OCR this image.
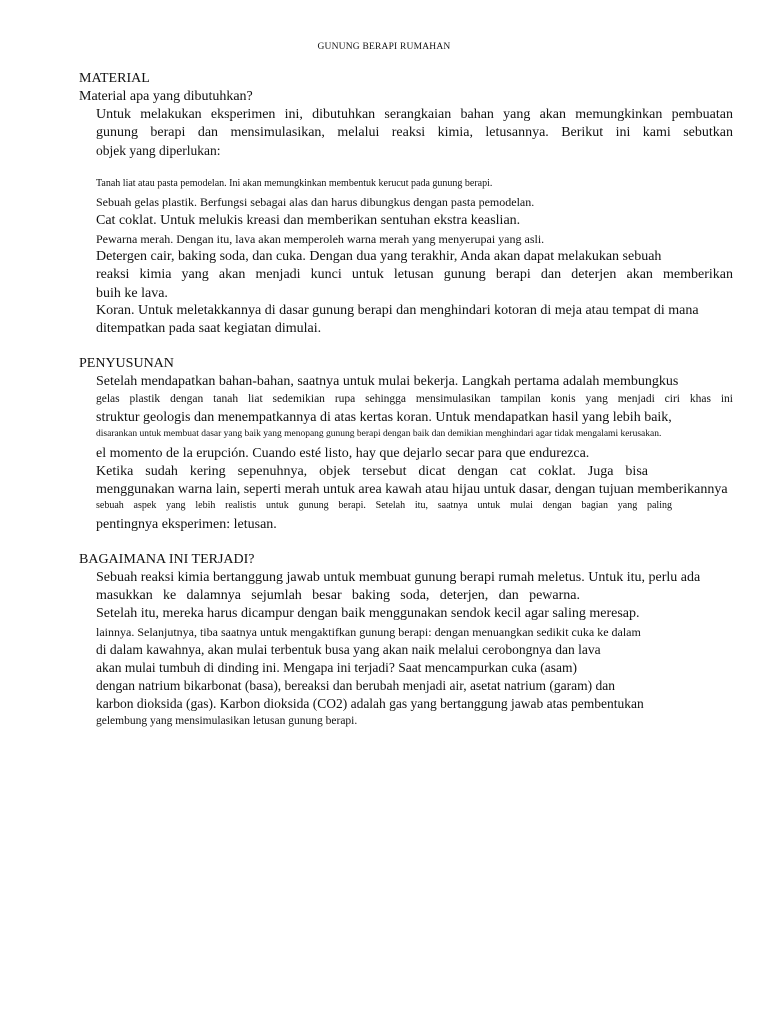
GUNUNG BERAPI RUMAHAN
MATERIAL
Material apa yang dibutuhkan?
Untuk melakukan eksperimen ini, dibutuhkan serangkaian bahan yang akan memungkinkan pembuatan
gunung berapi dan mensimulasikan, melalui reaksi kimia, letusannya. Berikut ini kami sebutkan
objek yang diperlukan:
Tanah liat atau pasta pemodelan. Ini akan memungkinkan membentuk kerucut pada gunung berapi.
Sebuah gelas plastik. Berfungsi sebagai alas dan harus dibungkus dengan pasta pemodelan.
Cat coklat. Untuk melukis kreasi dan memberikan sentuhan ekstra keaslian.
Pewarna merah. Dengan itu, lava akan memperoleh warna merah yang menyerupai yang asli.
Detergen cair, baking soda, dan cuka. Dengan dua yang terakhir, Anda akan dapat melakukan sebuah
reaksi kimia yang akan menjadi kunci untuk letusan gunung berapi dan deterjen akan memberikan
buih ke lava.
Koran. Untuk meletakkannya di dasar gunung berapi dan menghindari kotoran di meja atau tempat di mana
ditempatkan pada saat kegiatan dimulai.
PENYUSUNAN
Setelah mendapatkan bahan-bahan, saatnya untuk mulai bekerja. Langkah pertama adalah membungkus
gelas plastik dengan tanah liat sedemikian rupa sehingga mensimulasikan tampilan konis yang menjadi ciri khas ini
struktur geologis dan menempatkannya di atas kertas koran. Untuk mendapatkan hasil yang lebih baik,
disarankan untuk membuat dasar yang baik yang menopang gunung berapi dengan baik dan demikian menghindari agar tidak mengalami kerusakan.
el momento de la erupción. Cuando esté listo, hay que dejarlo secar para que endurezca.
Ketika sudah kering sepenuhnya, objek tersebut dicat dengan cat coklat. Juga bisa
menggunakan warna lain, seperti merah untuk area kawah atau hijau untuk dasar, dengan tujuan memberikannya
sebuah aspek yang lebih realistis untuk gunung berapi. Setelah itu, saatnya untuk mulai dengan bagian yang paling
pentingnya eksperimen: letusan.
BAGAIMANA INI TERJADI?
Sebuah reaksi kimia bertanggung jawab untuk membuat gunung berapi rumah meletus. Untuk itu, perlu ada
masukkan ke dalamnya sejumlah besar baking soda, deterjen, dan pewarna.
Setelah itu, mereka harus dicampur dengan baik menggunakan sendok kecil agar saling meresap.
lainnya. Selanjutnya, tiba saatnya untuk mengaktifkan gunung berapi: dengan menuangkan sedikit cuka ke dalam
di dalam kawahnya, akan mulai terbentuk busa yang akan naik melalui cerobongnya dan lava
akan mulai tumbuh di dinding ini. Mengapa ini terjadi? Saat mencampurkan cuka (asam)
dengan natrium bikarbonat (basa), bereaksi dan berubah menjadi air, asetat natrium (garam) dan
karbon dioksida (gas). Karbon dioksida (CO2) adalah gas yang bertanggung jawab atas pembentukan
gelembung yang mensimulasikan letusan gunung berapi.
